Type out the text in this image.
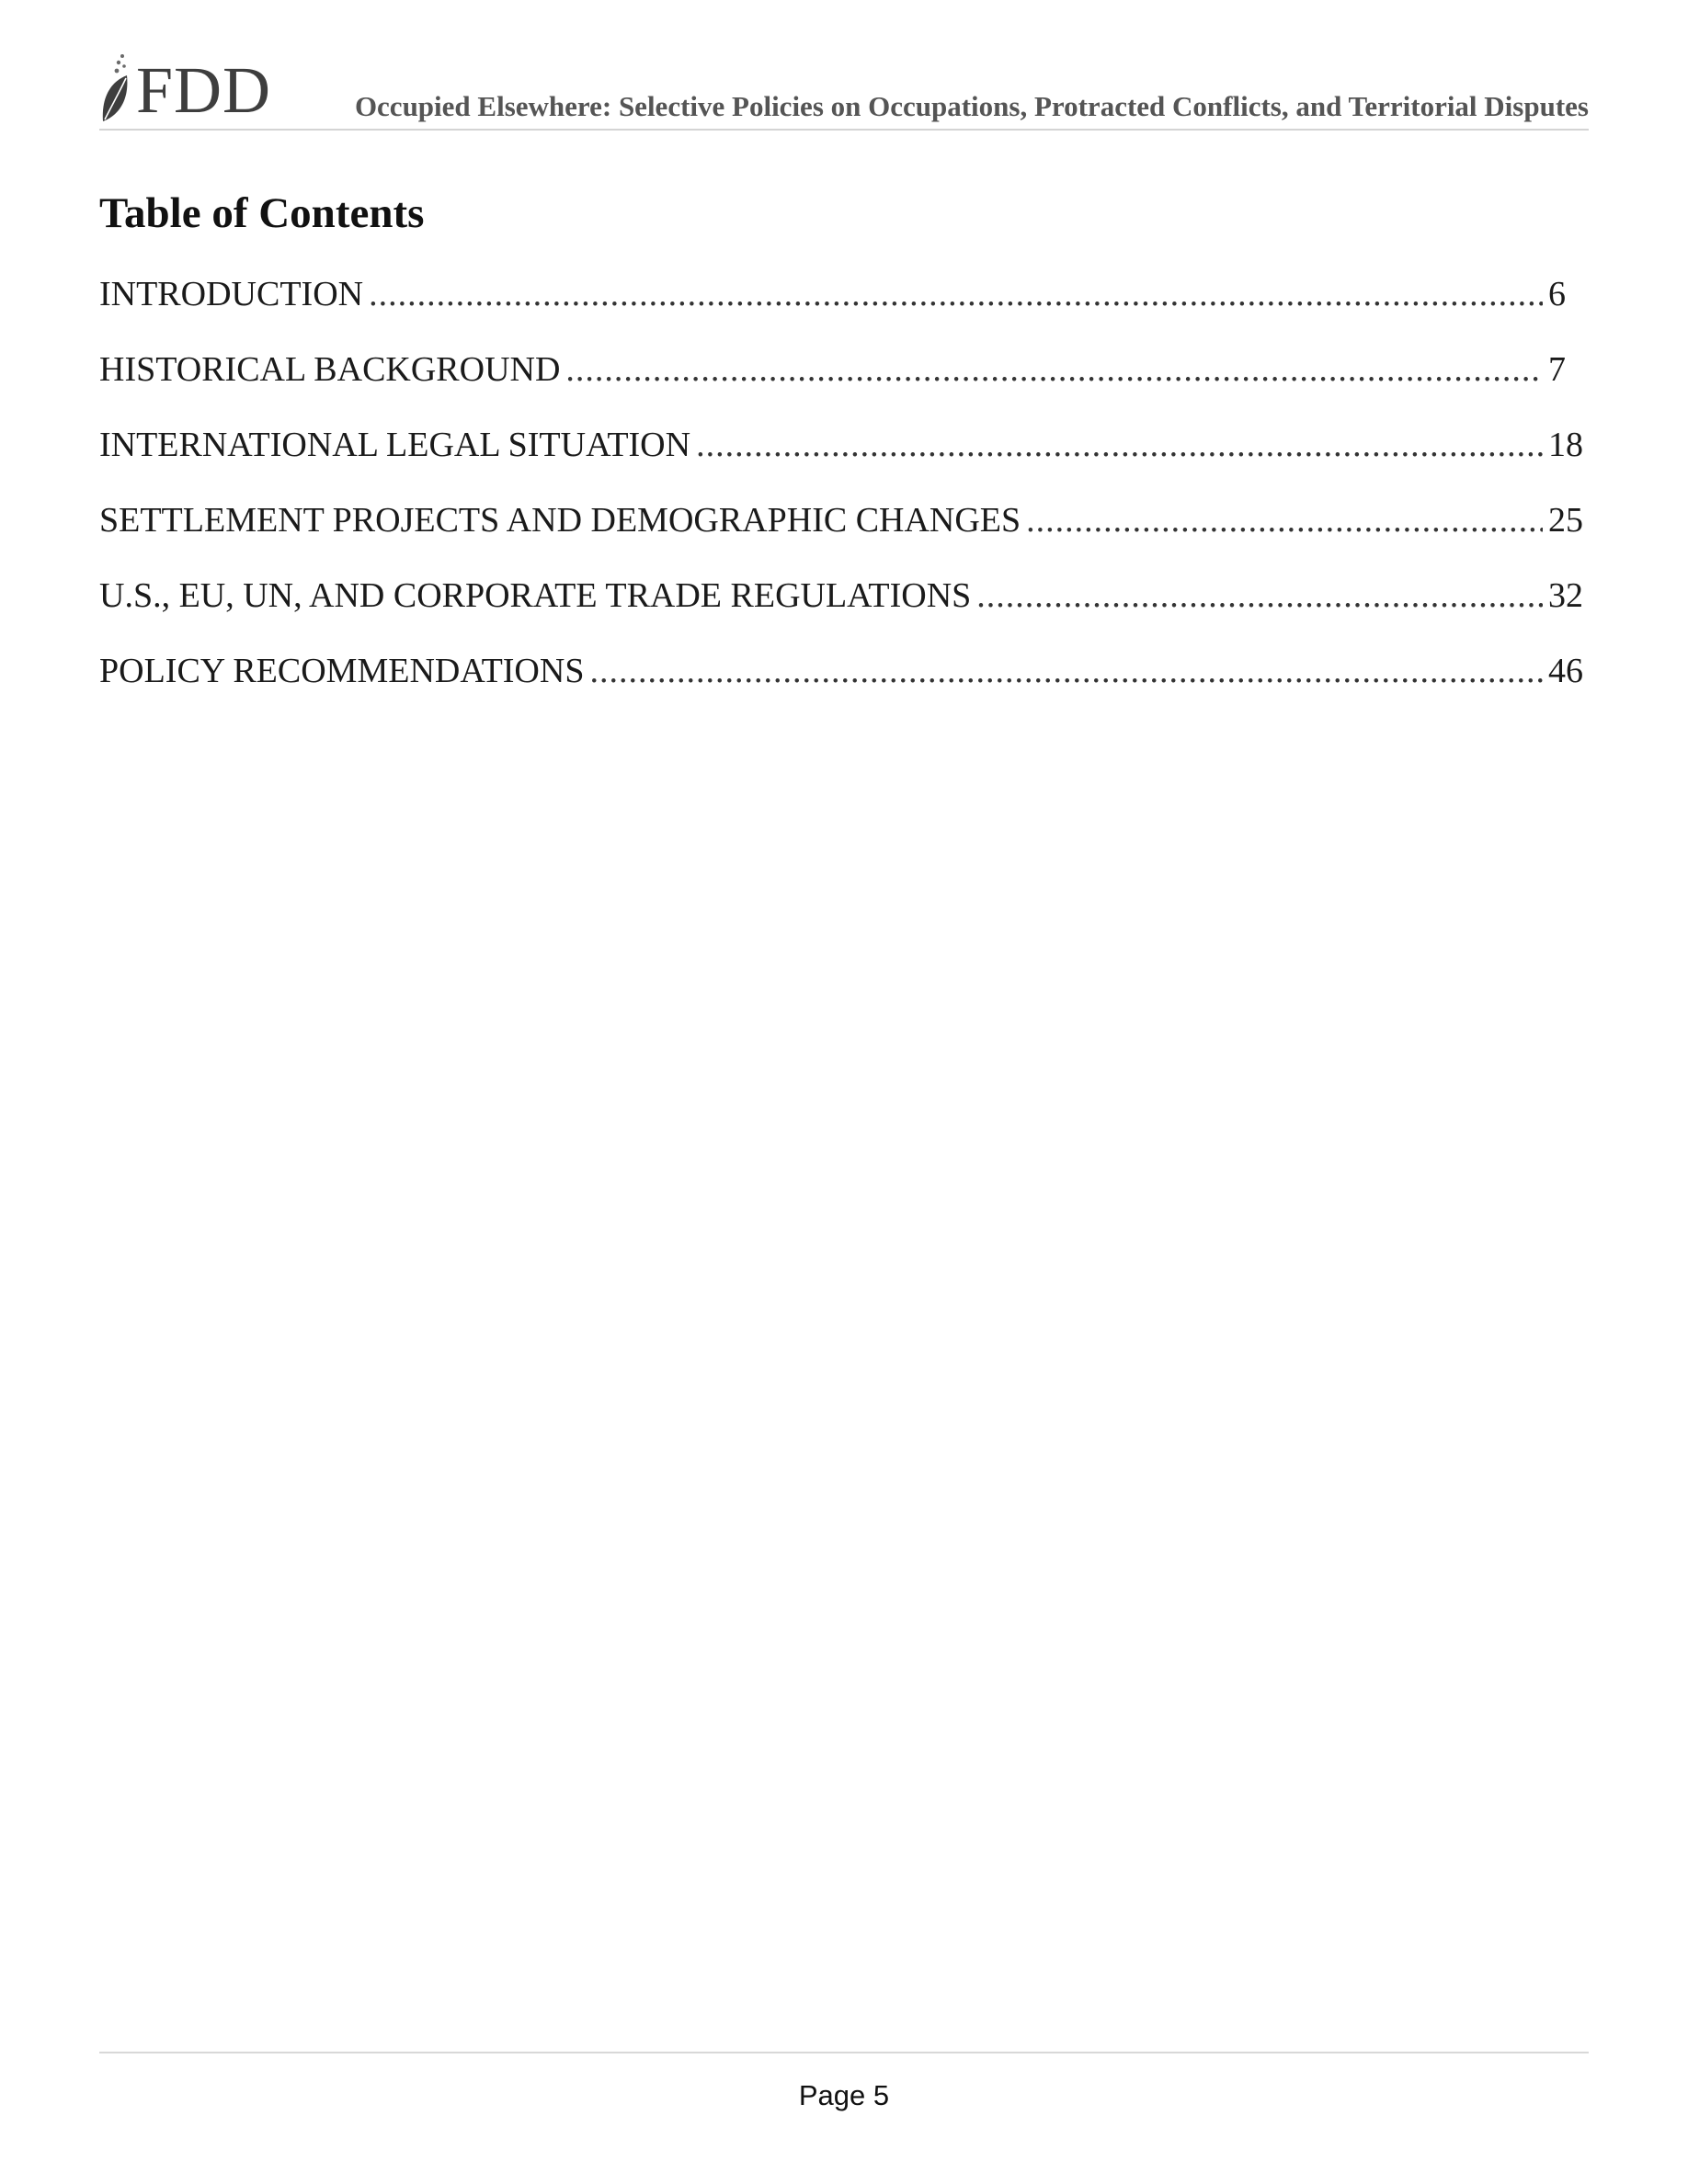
FDD	Occupied Elsewhere: Selective Policies on Occupations, Protracted Conflicts, and Territorial Disputes
Table of Contents
INTRODUCTION .....	6
HISTORICAL BACKGROUND .....	7
INTERNATIONAL LEGAL SITUATION .....	18
SETTLEMENT PROJECTS AND DEMOGRAPHIC CHANGES .....	25
U.S., EU, UN, AND CORPORATE TRADE REGULATIONS .....	32
POLICY RECOMMENDATIONS .....	46
Page 5
